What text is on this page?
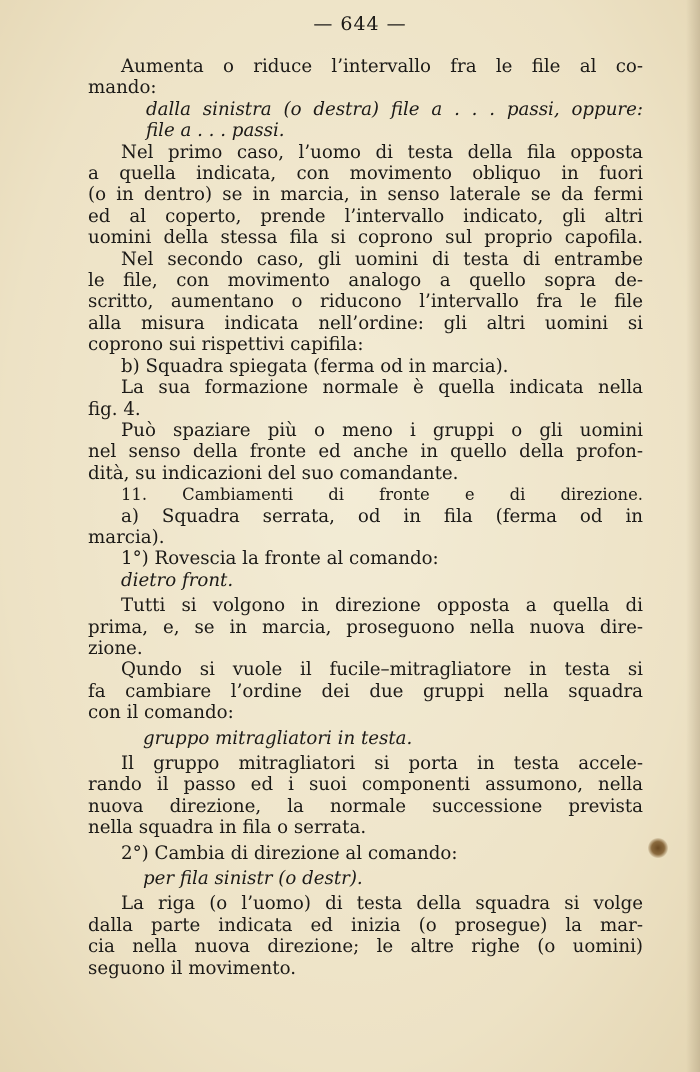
— 644 —

Aumenta o riduce l’intervallo fra le file al co-
mando:

dalla sinistra (o destra) file a . . . passi, oppure:
file a . . . passi.

Nel primo caso, l’uomo di testa della fila opposta
a quella indicata, con movimento obliquo in fuori
(o in dentro) se in marcia, in senso laterale se da fermi
ed al coperto, prende l’intervallo indicato, gli altri
uomini della stessa fila si coprono sul proprio capofila.

Nel secondo caso, gli uomini di testa di entrambe
le file, con movimento analogo a quello sopra de-
scritto, aumentano o riducono l’intervallo fra le file
alla misura indicata nell’ordine: gli altri uomini si
coprono sui rispettivi capifila:

b) Squadra spiegata (ferma od in marcia).

La sua formazione normale è quella indicata nella
fig. 4.

Può spaziare più o meno i gruppi o gli uomini
nel senso della fronte ed anche in quello della profon-
dità, su indicazioni del suo comandante.

11. Cambiamenti di fronte e di direzione.

a) Squadra serrata, od in fila (ferma od in
marcia).

1°) Rovescia la fronte al comando:

dietro front.

Tutti si volgono in direzione opposta a quella di
prima, e, se in marcia, proseguono nella nuova dire-
zione.

Qundo si vuole il fucile–mitragliatore in testa si
fa cambiare l’ordine dei due gruppi nella squadra
con il comando:

gruppo mitragliatori in testa.

Il gruppo mitragliatori si porta in testa accele-
rando il passo ed i suoi componenti assumono, nella
nuova direzione, la normale successione prevista
nella squadra in fila o serrata.

2°) Cambia di direzione al comando:

per fila sinistr (o destr).

La riga (o l’uomo) di testa della squadra si volge
dalla parte indicata ed inizia (o prosegue) la mar-
cia nella nuova direzione; le altre righe (o uomini)
seguono il movimento.
